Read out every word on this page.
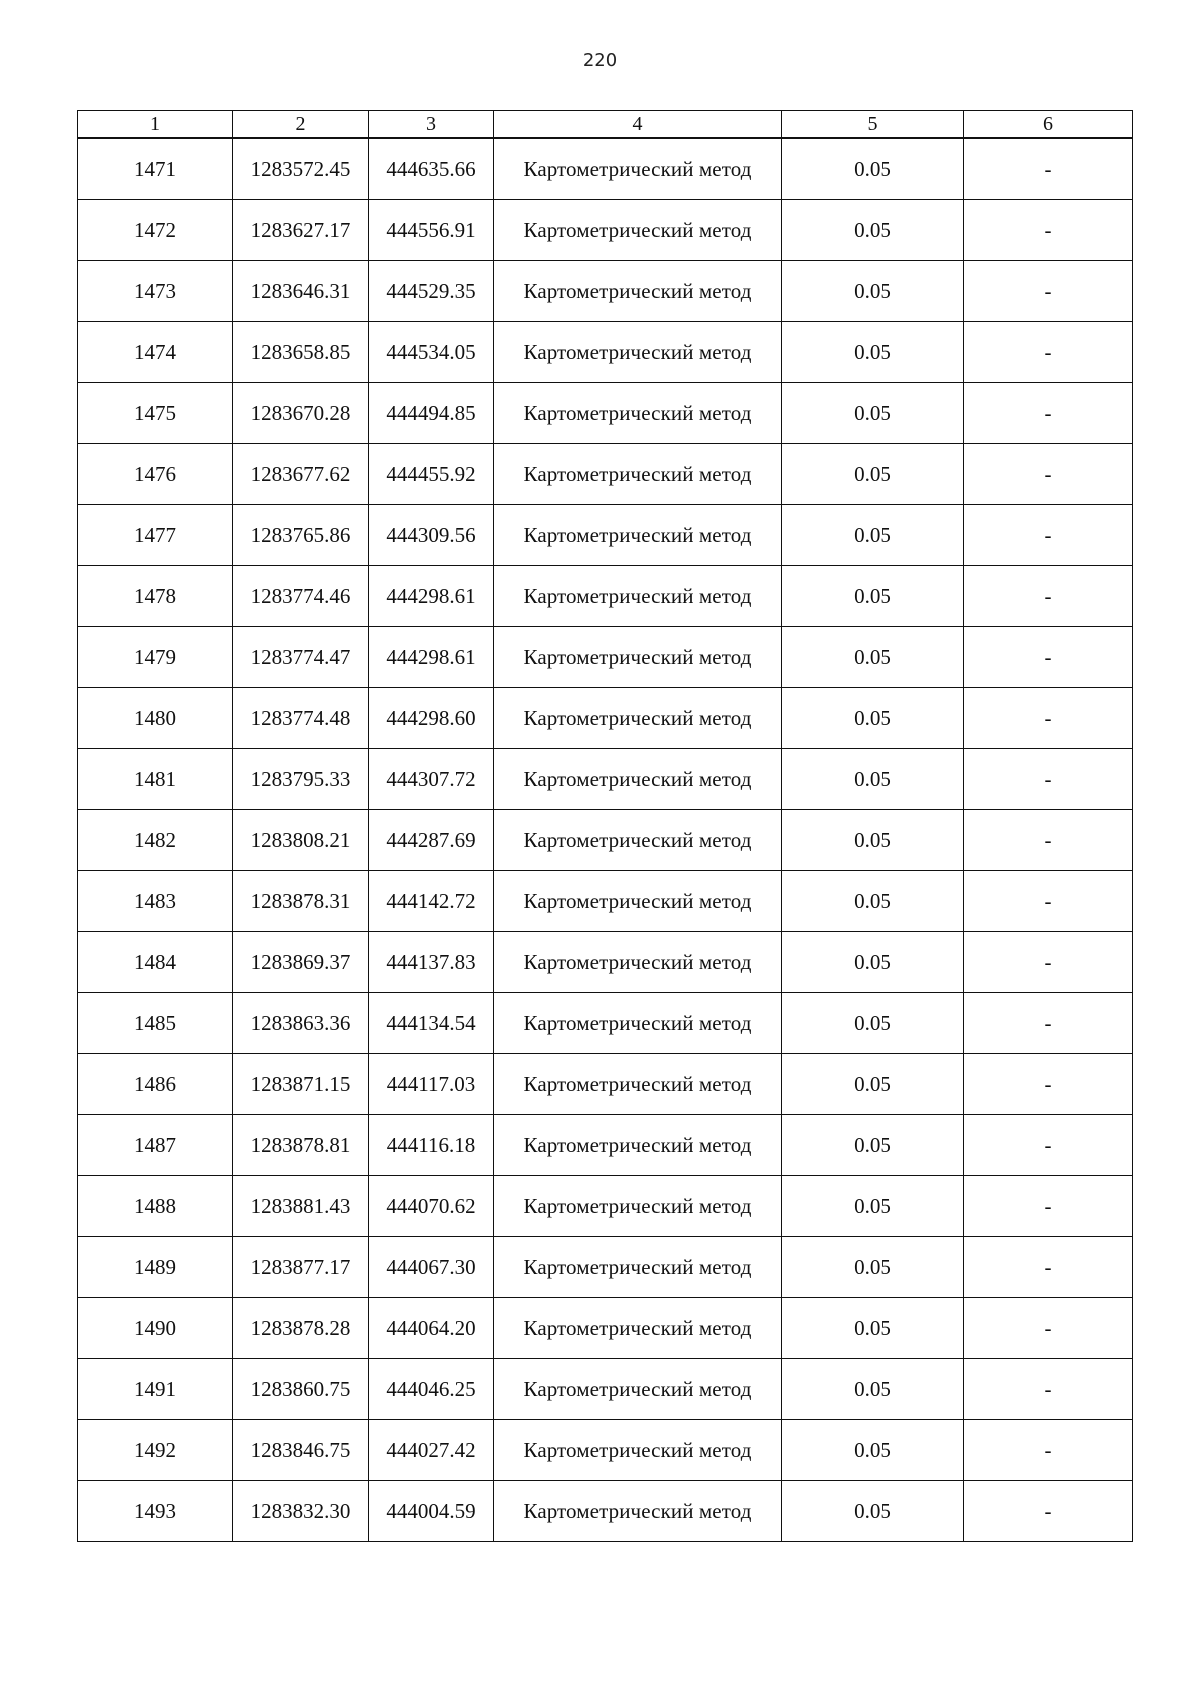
220
1	2	3	4	5	6
1471	1283572.45	444635.66	Картометрический метод	0.05	-
1472	1283627.17	444556.91	Картометрический метод	0.05	-
1473	1283646.31	444529.35	Картометрический метод	0.05	-
1474	1283658.85	444534.05	Картометрический метод	0.05	-
1475	1283670.28	444494.85	Картометрический метод	0.05	-
1476	1283677.62	444455.92	Картометрический метод	0.05	-
1477	1283765.86	444309.56	Картометрический метод	0.05	-
1478	1283774.46	444298.61	Картометрический метод	0.05	-
1479	1283774.47	444298.61	Картометрический метод	0.05	-
1480	1283774.48	444298.60	Картометрический метод	0.05	-
1481	1283795.33	444307.72	Картометрический метод	0.05	-
1482	1283808.21	444287.69	Картометрический метод	0.05	-
1483	1283878.31	444142.72	Картометрический метод	0.05	-
1484	1283869.37	444137.83	Картометрический метод	0.05	-
1485	1283863.36	444134.54	Картометрический метод	0.05	-
1486	1283871.15	444117.03	Картометрический метод	0.05	-
1487	1283878.81	444116.18	Картометрический метод	0.05	-
1488	1283881.43	444070.62	Картометрический метод	0.05	-
1489	1283877.17	444067.30	Картометрический метод	0.05	-
1490	1283878.28	444064.20	Картометрический метод	0.05	-
1491	1283860.75	444046.25	Картометрический метод	0.05	-
1492	1283846.75	444027.42	Картометрический метод	0.05	-
1493	1283832.30	444004.59	Картометрический метод	0.05	-
